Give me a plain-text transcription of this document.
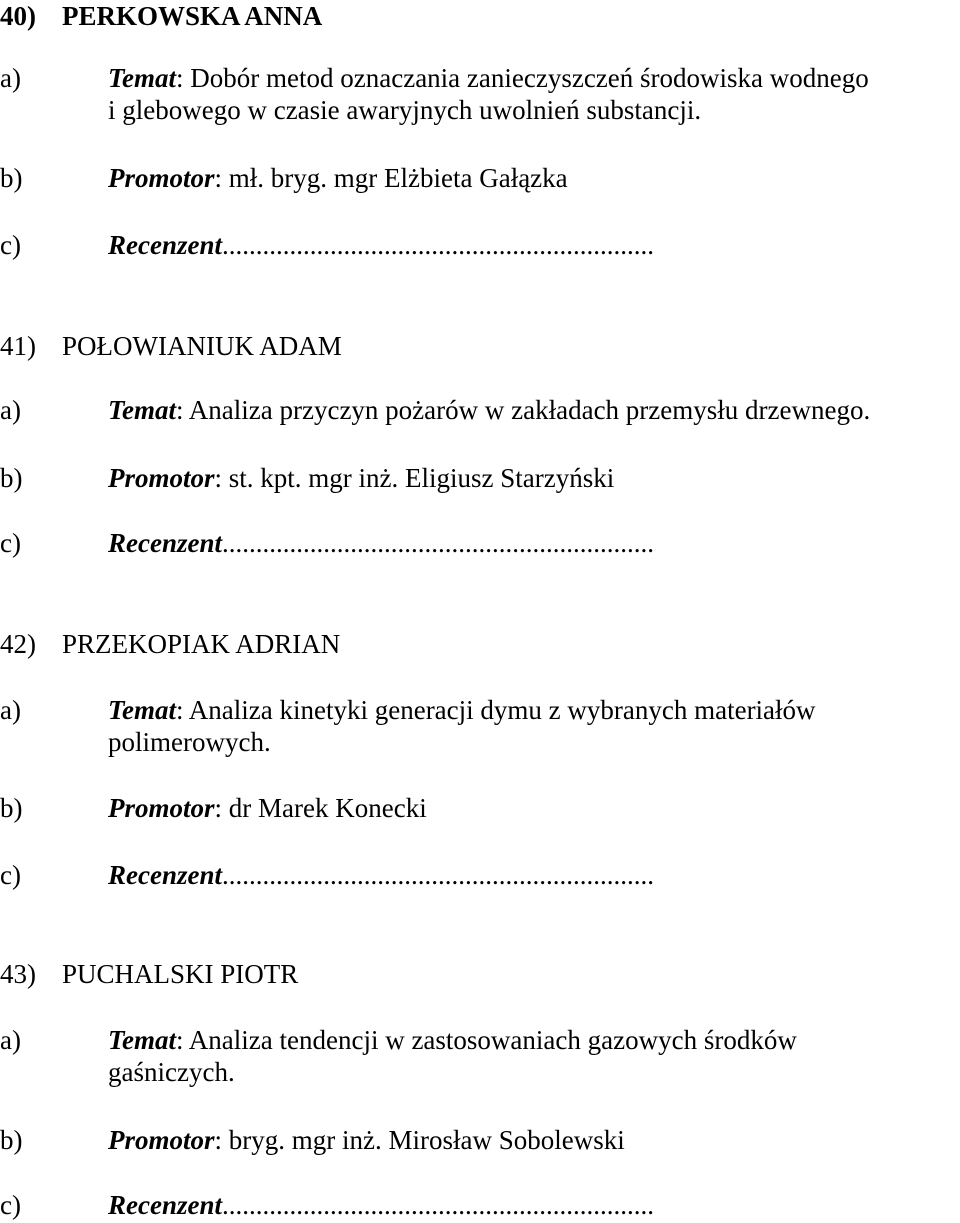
40) PERKOWSKA ANNA
a)	Temat: Dobór metod oznaczania zanieczyszczeń środowiska wodnego
i glebowego w czasie awaryjnych uwolnień substancji.
b)	Promotor: mł. bryg. mgr Elżbieta Gałązka
c)	Recenzent................................................................
41) POŁOWIANIUK ADAM
a)	Temat: Analiza przyczyn pożarów w zakładach przemysłu drzewnego.
b)	Promotor: st. kpt. mgr inż. Eligiusz Starzyński
c)	Recenzent................................................................
42) PRZEKOPIAK ADRIAN
a)	Temat: Analiza kinetyki generacji dymu z wybranych materiałów
polimerowych.
b)	Promotor: dr Marek Konecki
c)	Recenzent................................................................
43) PUCHALSKI PIOTR
a)	Temat: Analiza tendencji w zastosowaniach gazowych środków
gaśniczych.
b)	Promotor: bryg. mgr inż. Mirosław Sobolewski
c)	Recenzent................................................................
